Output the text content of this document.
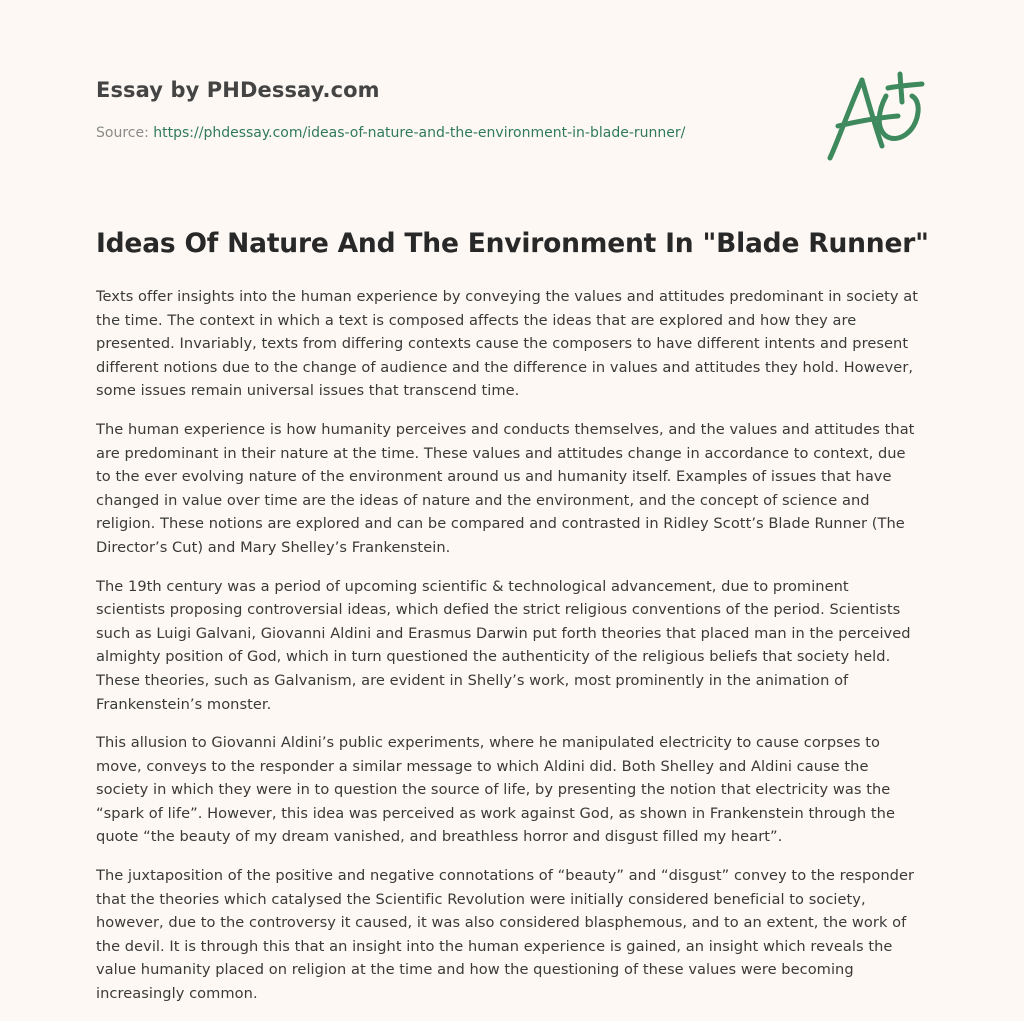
Essay by PHDessay.com
Source: https://phdessay.com/ideas-of-nature-and-the-environment-in-blade-runner/
Ideas Of Nature And The Environment In "Blade Runner"

Texts offer insights into the human experience by conveying the values and attitudes predominant in society at the time. The context in which a text is composed affects the ideas that are explored and how they are presented. Invariably, texts from differing contexts cause the composers to have different intents and present different notions due to the change of audience and the difference in values and attitudes they hold. However, some issues remain universal issues that transcend time.

The human experience is how humanity perceives and conducts themselves, and the values and attitudes that are predominant in their nature at the time. These values and attitudes change in accordance to context, due to the ever evolving nature of the environment around us and humanity itself. Examples of issues that have changed in value over time are the ideas of nature and the environment, and the concept of science and religion. These notions are explored and can be compared and contrasted in Ridley Scott’s Blade Runner (The Director’s Cut) and Mary Shelley’s Frankenstein.

The 19th century was a period of upcoming scientific & technological advancement, due to prominent scientists proposing controversial ideas, which defied the strict religious conventions of the period. Scientists such as Luigi Galvani, Giovanni Aldini and Erasmus Darwin put forth theories that placed man in the perceived almighty position of God, which in turn questioned the authenticity of the religious beliefs that society held. These theories, such as Galvanism, are evident in Shelly’s work, most prominently in the animation of Frankenstein’s monster.

This allusion to Giovanni Aldini’s public experiments, where he manipulated electricity to cause corpses to move, conveys to the responder a similar message to which Aldini did. Both Shelley and Aldini cause the society in which they were in to question the source of life, by presenting the notion that electricity was the “spark of life”. However, this idea was perceived as work against God, as shown in Frankenstein through the quote “the beauty of my dream vanished, and breathless horror and disgust filled my heart”.

The juxtaposition of the positive and negative connotations of “beauty” and “disgust” convey to the responder that the theories which catalysed the Scientific Revolution were initially considered beneficial to society, however, due to the controversy it caused, it was also considered blasphemous, and to an extent, the work of the devil. It is through this that an insight into the human experience is gained, an insight which reveals the value humanity placed on religion at the time and how the questioning of these values were becoming increasingly common.
